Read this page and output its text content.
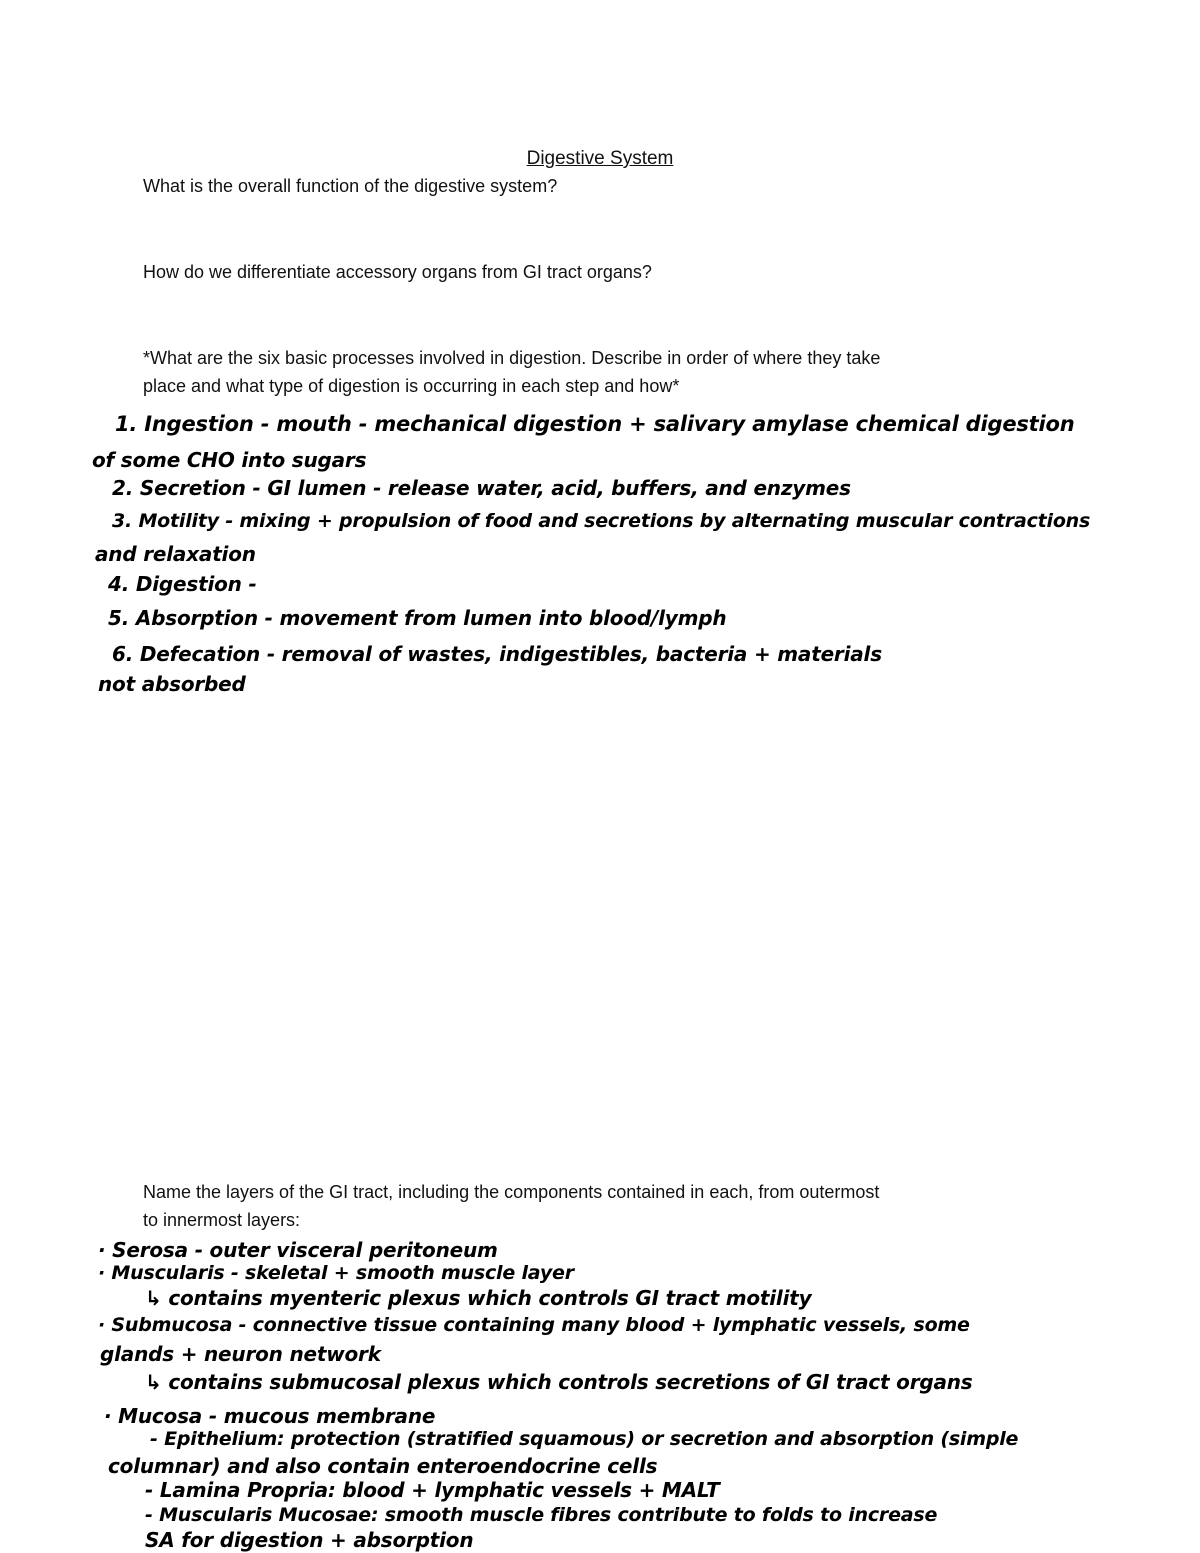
Digestive System
What is the overall function of the digestive system?
How do we differentiate accessory organs from GI tract organs?
*What are the six basic processes involved in digestion. Describe in order of where they take
place and what type of digestion is occurring in each step and how*
1. Ingestion - mouth - mechanical digestion + salivary amylase chemical digestion
of some CHO into sugars
2. Secretion - GI lumen - release water, acid, buffers, and enzymes
3. Motility - mixing + propulsion of food and secretions by alternating muscular contractions
and relaxation
4. Digestion -
5. Absorption - movement from lumen into blood/lymph
6. Defecation - removal of wastes, indigestibles, bacteria + materials
not absorbed
Name the layers of the GI tract, including the components contained in each, from outermost
to innermost layers:
· Serosa - outer visceral peritoneum
· Muscularis - skeletal + smooth muscle layer
↳ contains myenteric plexus which controls GI tract motility
· Submucosa - connective tissue containing many blood + lymphatic vessels, some
glands + neuron network
↳ contains submucosal plexus which controls secretions of GI tract organs
· Mucosa - mucous membrane
- Epithelium: protection (stratified squamous) or secretion and absorption (simple
columnar) and also contain enteroendocrine cells
- Lamina Propria: blood + lymphatic vessels + MALT
- Muscularis Mucosae: smooth muscle fibres contribute to folds to increase
SA for digestion + absorption
